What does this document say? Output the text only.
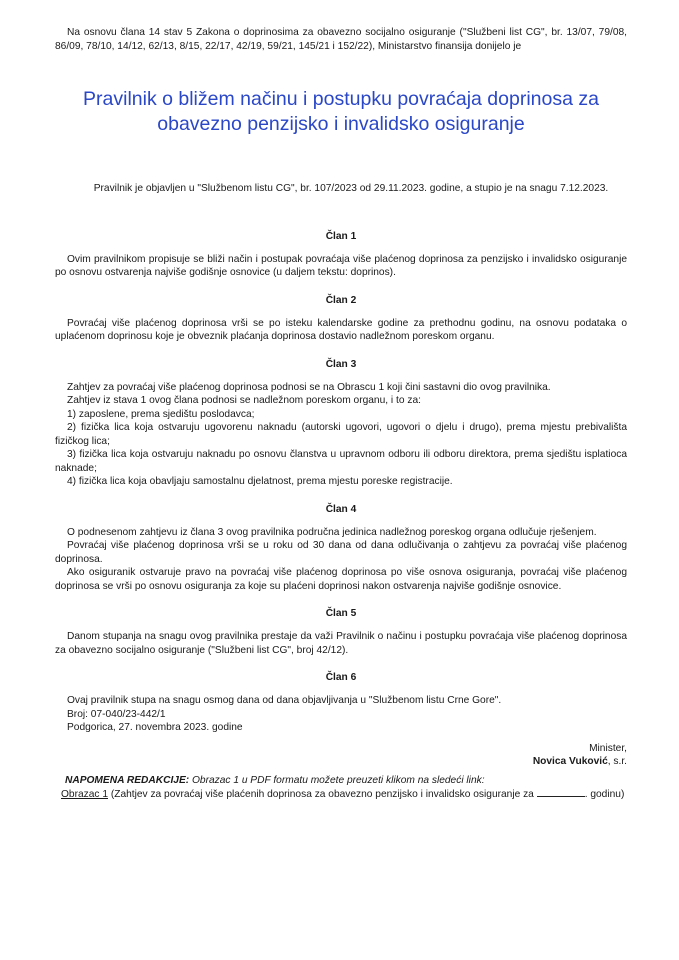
Na osnovu člana 14 stav 5 Zakona o doprinosima za obavezno socijalno osiguranje ("Službeni list CG", br. 13/07, 79/08, 86/09, 78/10, 14/12, 62/13, 8/15, 22/17, 42/19, 59/21, 145/21 i 152/22), Ministarstvo finansija donijelo je

Pravilnik o bližem načinu i postupku povraćaja doprinosa za
obavezno penzijsko i invalidsko osiguranje

Pravilnik je objavljen u "Službenom listu CG", br. 107/2023 od 29.11.2023. godine, a stupio je na snagu 7.12.2023.

Član 1

Ovim pravilnikom propisuje se bliži način i postupak povraćaja više plaćenog doprinosa za penzijsko i invalidsko osiguranje po osnovu ostvarenja najviše godišnje osnovice (u daljem tekstu: doprinos).

Član 2

Povraćaj više plaćenog doprinosa vrši se po isteku kalendarske godine za prethodnu godinu, na osnovu podataka o uplaćenom doprinosu koje je obveznik plaćanja doprinosa dostavio nadležnom poreskom organu.

Član 3

Zahtjev za povraćaj više plaćenog doprinosa podnosi se na Obrascu 1 koji čini sastavni dio ovog pravilnika.

Zahtjev iz stava 1 ovog člana podnosi se nadležnom poreskom organu, i to za:

1) zaposlene, prema sjedištu poslodavca;

2) fizička lica koja ostvaruju ugovorenu naknadu (autorski ugovori, ugovori o djelu i drugo), prema mjestu prebivališta fizičkog lica;

3) fizička lica koja ostvaruju naknadu po osnovu članstva u upravnom odboru ili odboru direktora, prema sjedištu isplatioca naknade;

4) fizička lica koja obavljaju samostalnu djelatnost, prema mjestu poreske registracije.

Član 4

O podnesenom zahtjevu iz člana 3 ovog pravilnika područna jedinica nadležnog poreskog organa odlučuje rješenjem.

Povraćaj više plaćenog doprinosa vrši se u roku od 30 dana od dana odlučivanja o zahtjevu za povraćaj više plaćenog doprinosa.

Ako osiguranik ostvaruje pravo na povraćaj više plaćenog doprinosa po više osnova osiguranja, povraćaj više plaćenog doprinosa se vrši po osnovu osiguranja za koje su plaćeni doprinosi nakon ostvarenja najviše godišnje osnovice.

Član 5

Danom stupanja na snagu ovog pravilnika prestaje da važi Pravilnik o načinu i postupku povraćaja više plaćenog doprinosa za obavezno socijalno osiguranje ("Službeni list CG", broj 42/12).

Član 6

Ovaj pravilnik stupa na snagu osmog dana od dana objavljivanja u "Službenom listu Crne Gore".

Broj: 07-040/23-442/1

Podgorica, 27. novembra 2023. godine

Minister,

Novica Vuković, s.r.

NAPOMENA REDAKCIJE: Obrazac 1 u PDF formatu možete preuzeti klikom na sledeći link:

Obrazac 1 (Zahtjev za povraćaj više plaćenih doprinosa za obavezno penzijsko i invalidsko osiguranje za	. godinu)
